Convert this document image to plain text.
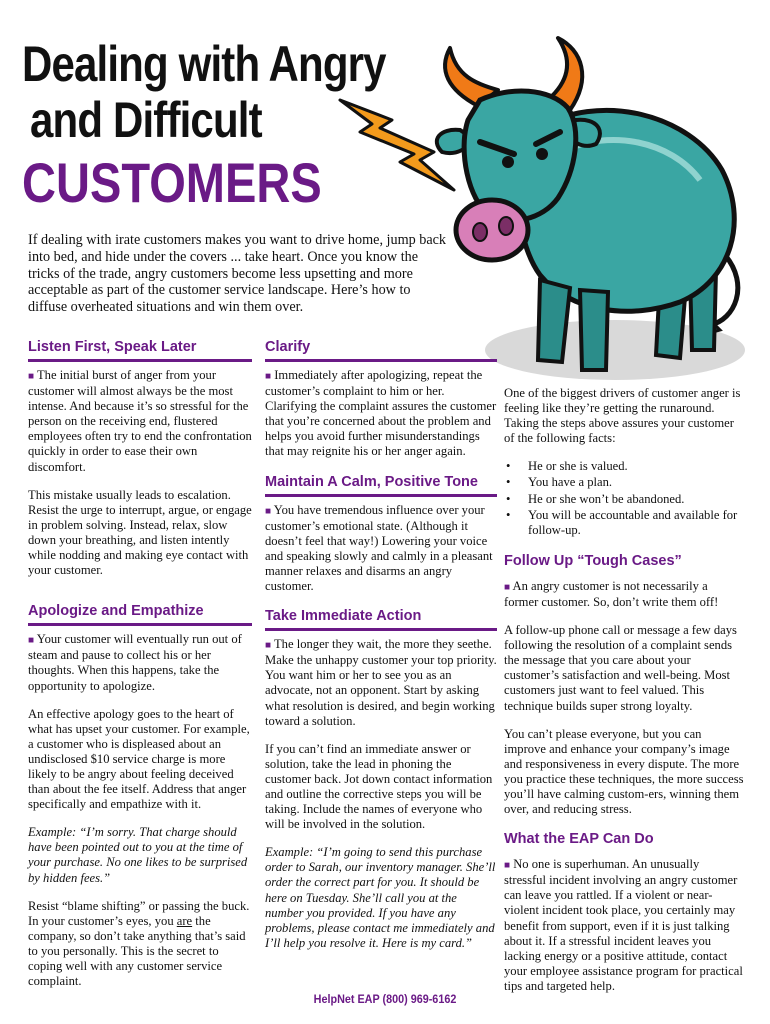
Dealing with Angry
and Difficult
CUSTOMERS

If dealing with irate customers makes you want to drive home, jump back into bed, and hide under the covers ... take heart. Once you know the tricks of the trade, angry customers become less upsetting and more acceptable as part of the customer service landscape. Here’s how to diffuse overheated situations and win them over.

Listen First, Speak Later

■ The initial burst of anger from your customer will almost always be the most intense. And because it’s so stressful for the person on the receiving end, flustered employees often try to end the confrontation quickly in order to ease their own discomfort.

This mistake usually leads to escalation. Resist the urge to interrupt, argue, or engage in problem solving. Instead, relax, slow down your breathing, and listen intently while nodding and making eye contact with your customer.

Apologize and Empathize

■ Your customer will eventually run out of steam and pause to collect his or her thoughts. When this happens, take the opportunity to apologize.

An effective apology goes to the heart of what has upset your customer. For example, a customer who is displeased about an undisclosed $10 service charge is more likely to be angry about feeling deceived than about the fee itself. Address that anger specifically and empathize with it.

Example: “I’m sorry. That charge should have been pointed out to you at the time of your purchase. No one likes to be surprised by hidden fees.”

Resist “blame shifting” or passing the buck. In your customer’s eyes, you are the company, so don’t take anything that’s said to you personally. This is the secret to coping well with any customer service complaint.

Clarify

■ Immediately after apologizing, repeat the customer’s complaint to him or her. Clarifying the complaint assures the customer that you’re concerned about the problem and helps you avoid further misunderstandings that may reignite his or her anger again.

Maintain A Calm, Positive Tone

■ You have tremendous influence over your customer’s emotional state. (Although it doesn’t feel that way!) Lowering your voice and speaking slowly and calmly in a pleasant manner relaxes and disarms an angry customer.

Take Immediate Action

■ The longer they wait, the more they seethe. Make the unhappy customer your top priority. You want him or her to see you as an advocate, not an opponent. Start by asking what resolution is desired, and begin working toward a solution.

If you can’t find an immediate answer or solution, take the lead in phoning the customer back. Jot down contact information and outline the corrective steps you will be taking. Include the names of everyone who will be involved in the solution.

Example: “I’m going to send this purchase order to Sarah, our inventory manager. She’ll order the correct part for you. It should be here on Tuesday. She’ll call you at the number you provided. If you have any problems, please contact me immediately and I’ll help you resolve it. Here is my card.”

One of the biggest drivers of customer anger is feeling like they’re getting the runaround. Taking the steps above assures your customer of the following facts:

• He or she is valued.
• You have a plan.
• He or she won’t be abandoned.
• You will be accountable and available for follow-up.
Follow Up “Tough Cases”

■ An angry customer is not necessarily a former customer. So, don’t write them off!

A follow-up phone call or message a few days following the resolution of a complaint sends the message that you care about your customer’s satisfaction and well-being. Most customers just want to feel valued. This technique builds super strong loyalty.

You can’t please everyone, but you can improve and enhance your company’s image and responsiveness in every dispute. The more you practice these techniques, the more success you’ll have calming custom-ers, winning them over, and reducing stress.

What the EAP Can Do

■ No one is superhuman. An unusually stressful incident involving an angry customer can leave you rattled. If a violent or near-violent incident took place, you certainly may benefit from support, even if it is just talking about it. If a stressful incident leaves you lacking energy or a positive attitude, contact your employee assistance program for practical tips and targeted help.

HelpNet EAP (800) 969-6162
